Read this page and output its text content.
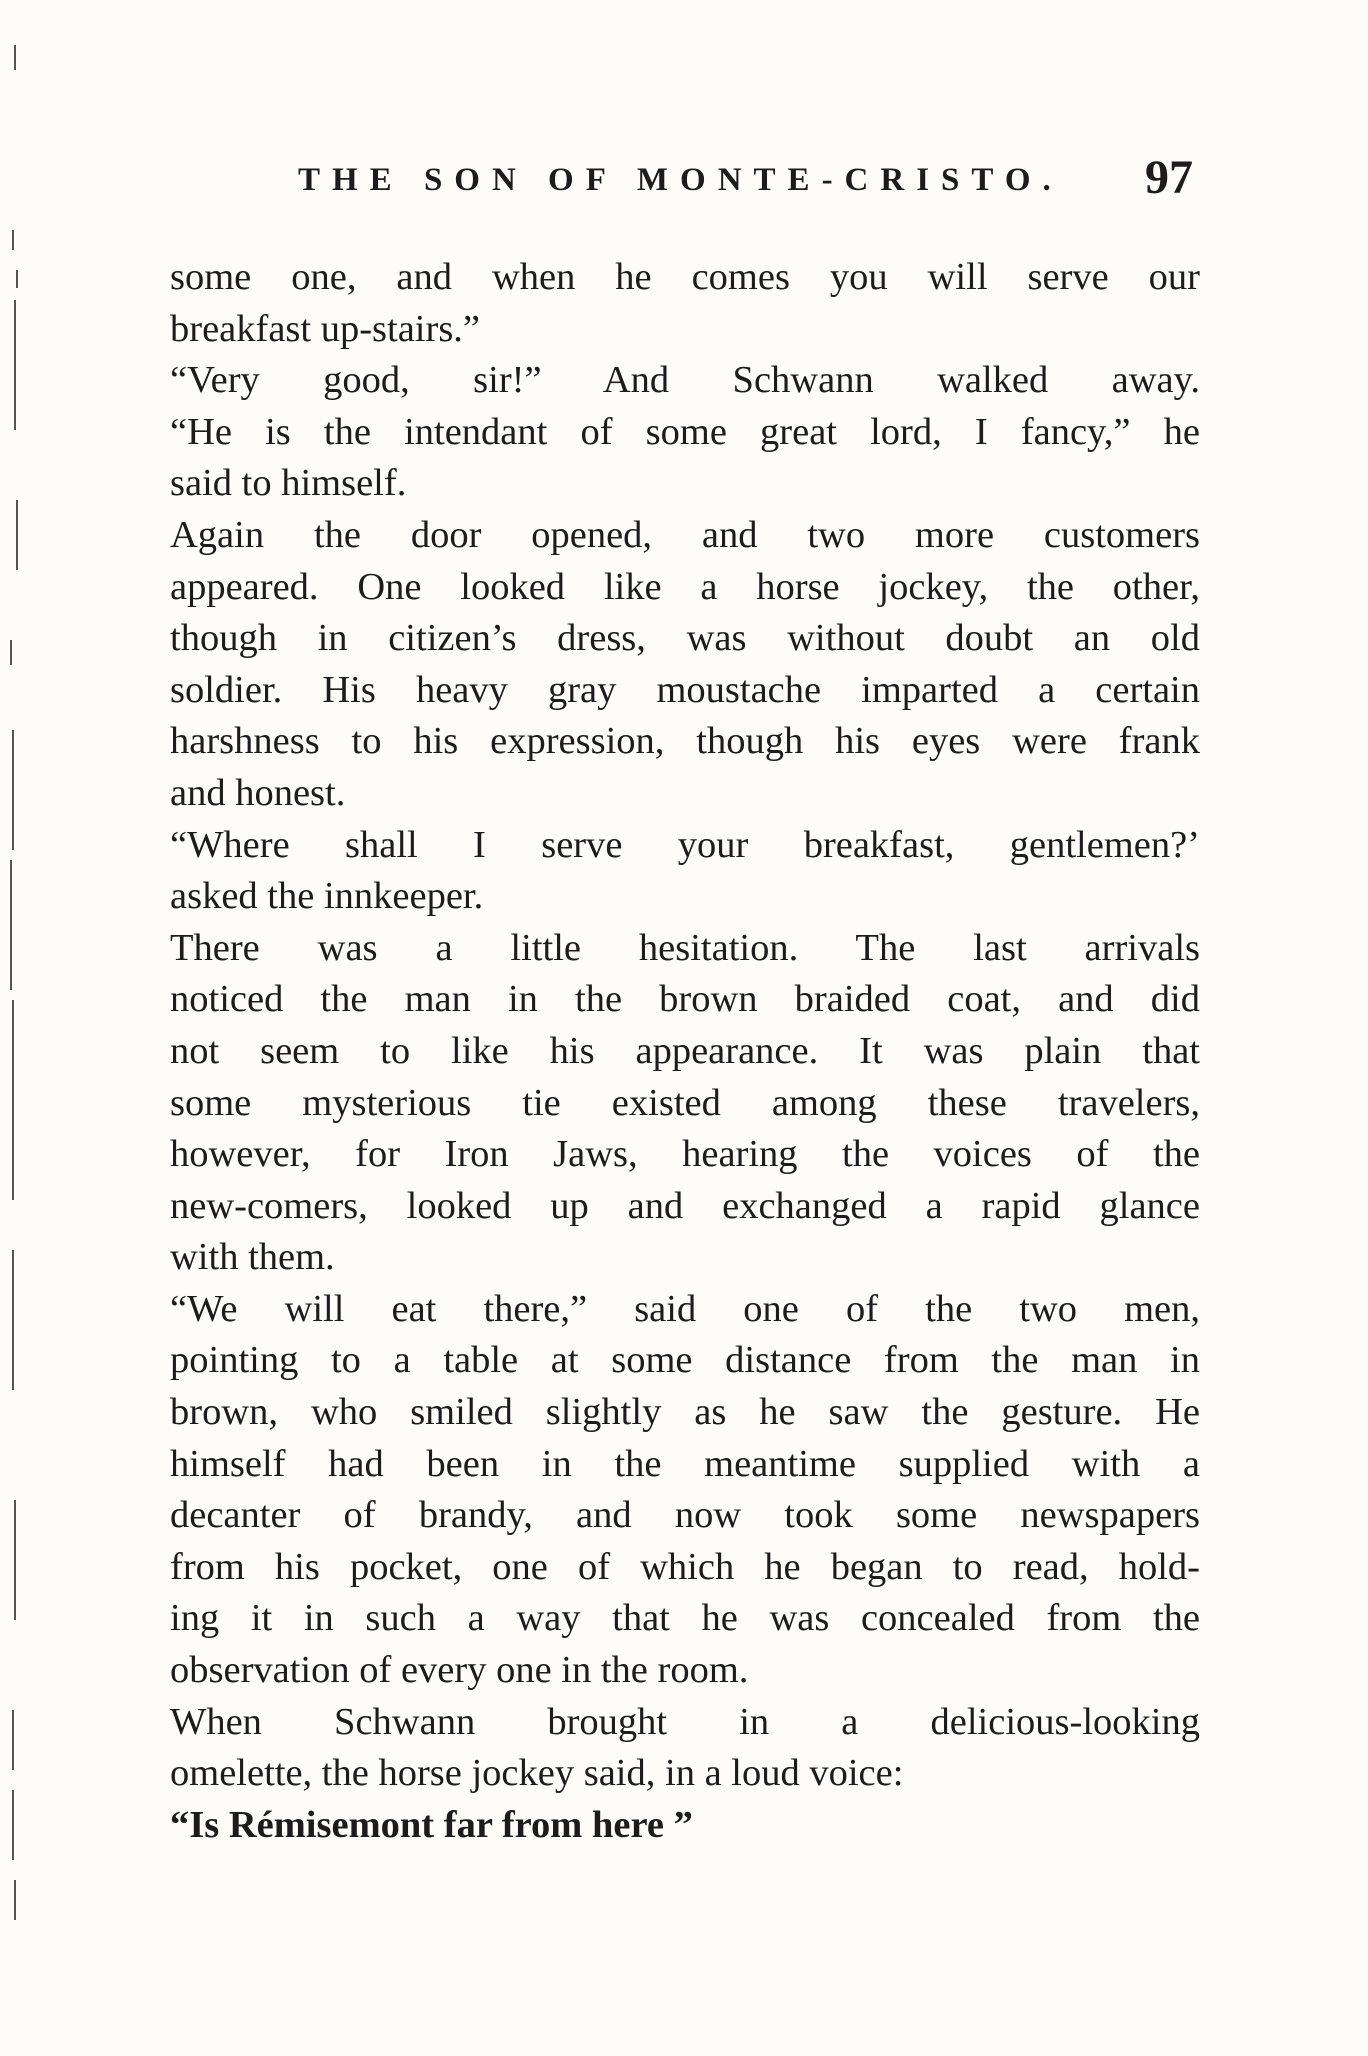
THE SON OF MONTE-CRISTO. 97
some one, and when he comes you will serve our
breakfast up-stairs.”
“Very good, sir!” And Schwann walked away.
“He is the intendant of some great lord, I fancy,” he
said to himself.
Again the door opened, and two more customers
appeared. One looked like a horse jockey, the other,
though in citizen’s dress, was without doubt an old
soldier. His heavy gray moustache imparted a certain
harshness to his expression, though his eyes were frank
and honest.
“Where shall I serve your breakfast, gentlemen?’
asked the innkeeper.
There was a little hesitation. The last arrivals
noticed the man in the brown braided coat, and did
not seem to like his appearance. It was plain that
some mysterious tie existed among these travelers,
however, for Iron Jaws, hearing the voices of the
new-comers, looked up and exchanged a rapid glance
with them.
“We will eat there,” said one of the two men,
pointing to a table at some distance from the man in
brown, who smiled slightly as he saw the gesture. He
himself had been in the meantime supplied with a
decanter of brandy, and now took some newspapers
from his pocket, one of which he began to read, hold-
ing it in such a way that he was concealed from the
observation of every one in the room.
When Schwann brought in a delicious-looking
omelette, the horse jockey said, in a loud voice:
“Is Rémisemont far from here ”
